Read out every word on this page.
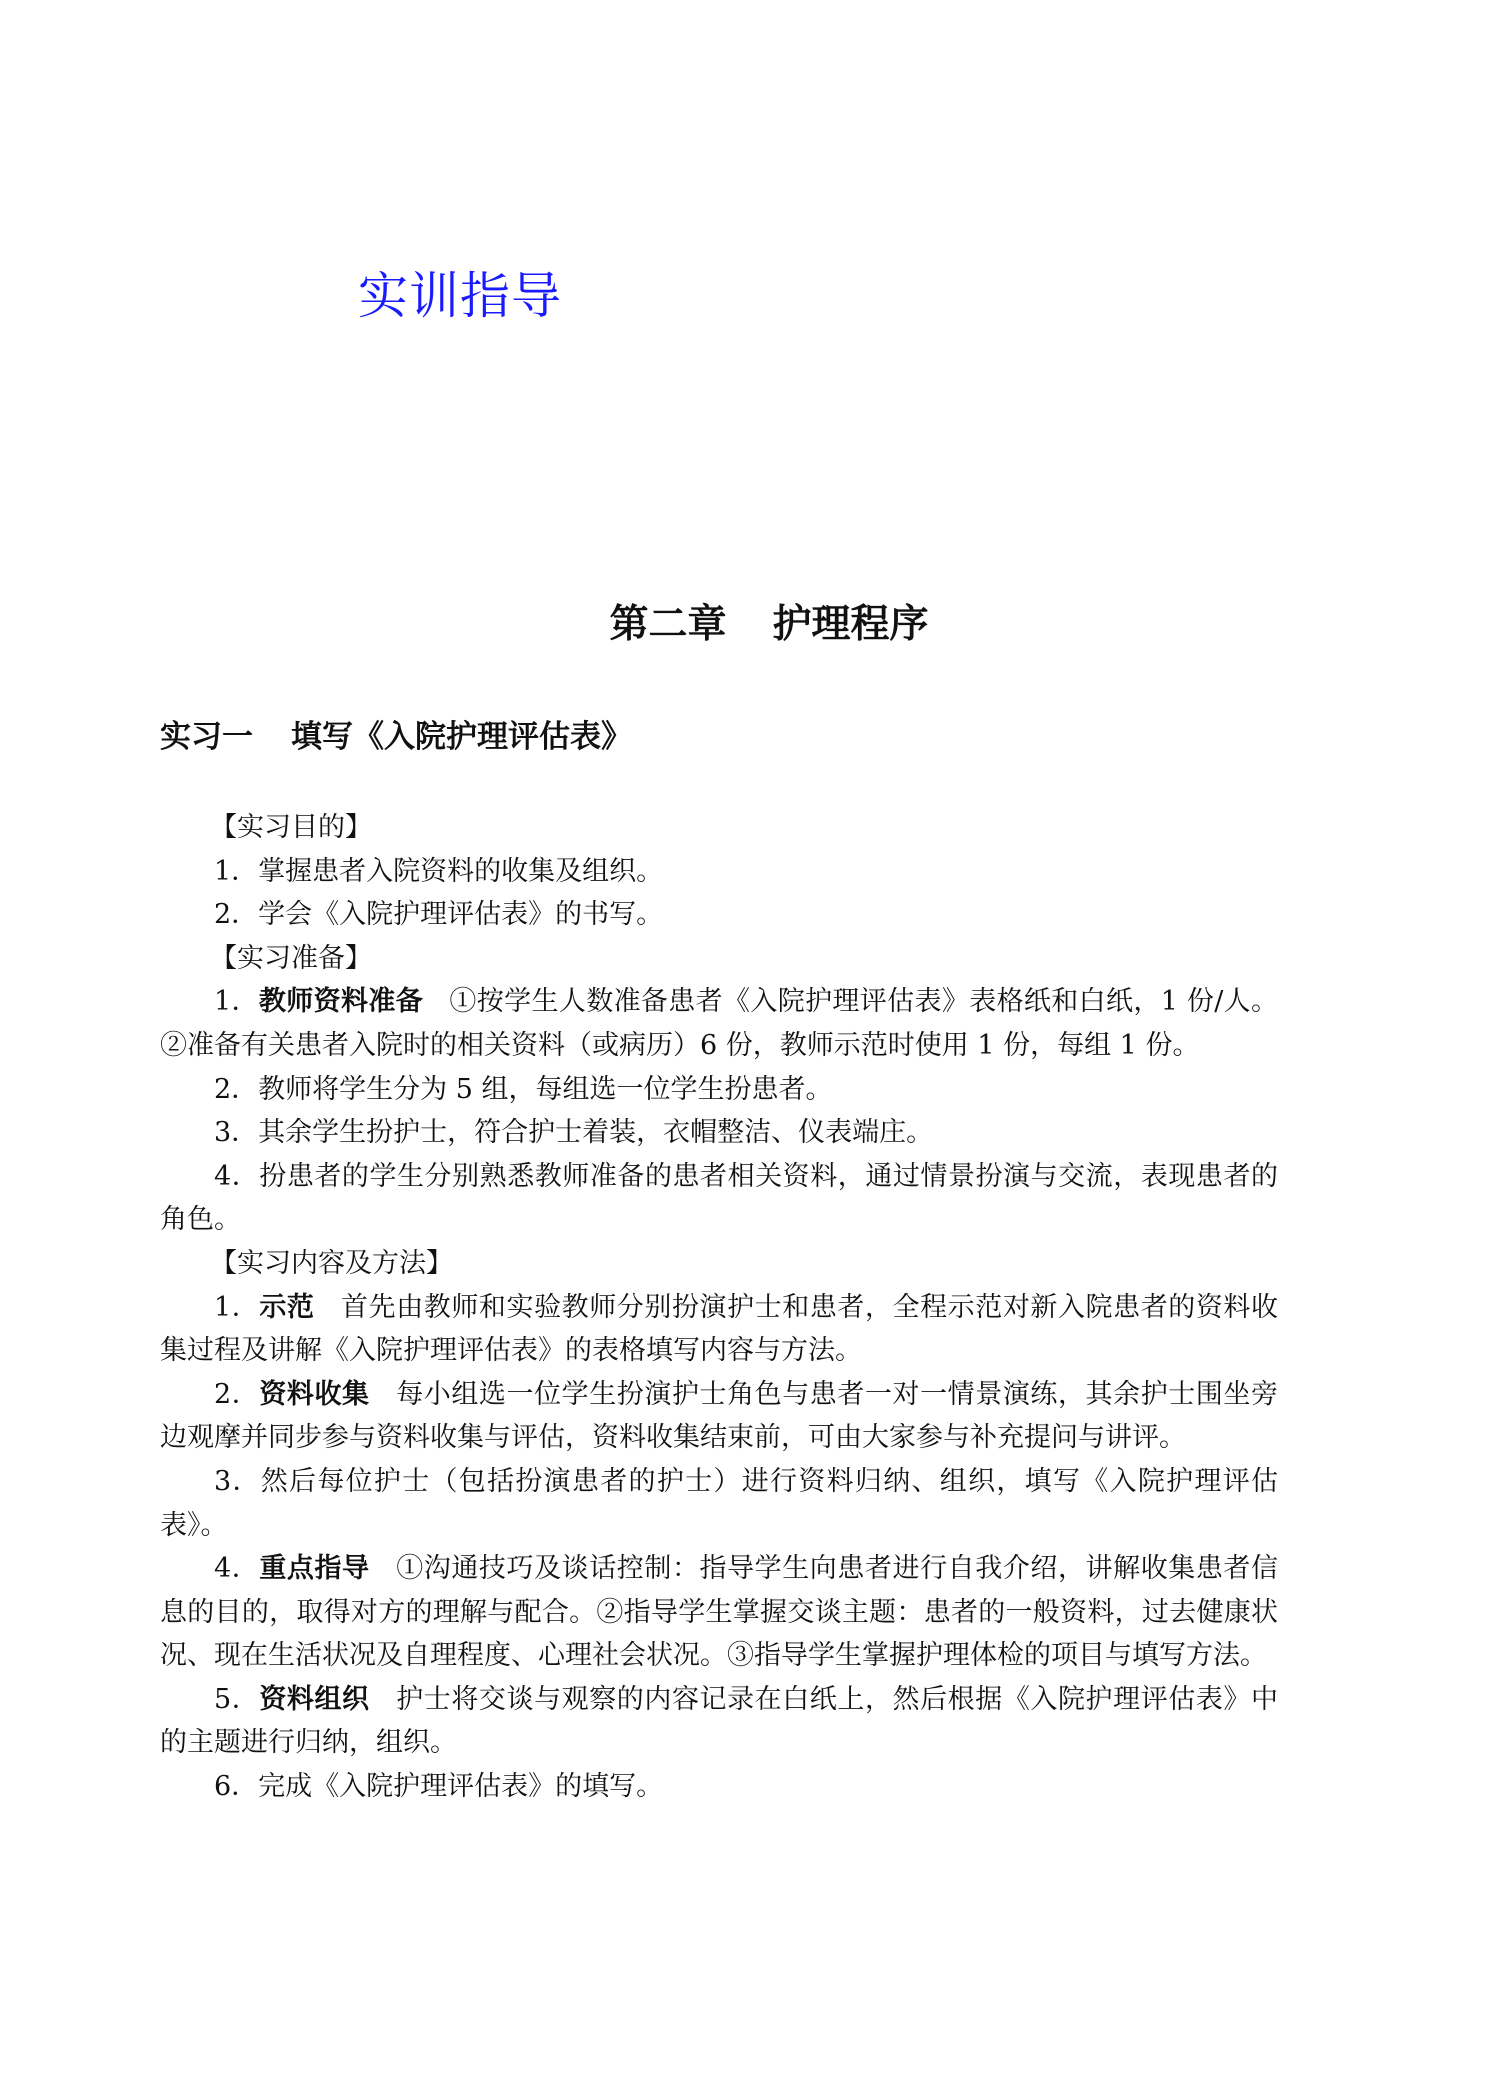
实训指导
第二章 护理程序
实习一 填写《入院护理评估表》

【实习目的】

1．掌握患者入院资料的收集及组织。

2．学会《入院护理评估表》的书写。

【实习准备】

1．教师资料准备 ①按学生人数准备患者《入院护理评估表》表格纸和白纸，1 份/人。②准备有关患者入院时的相关资料（或病历）6 份，教师示范时使用 1 份，每组 1 份。

2．教师将学生分为 5 组，每组选一位学生扮患者。

3．其余学生扮护士，符合护士着装，衣帽整洁、仪表端庄。

4．扮患者的学生分别熟悉教师准备的患者相关资料，通过情景扮演与交流，表现患者的角色。

【实习内容及方法】

1．示范 首先由教师和实验教师分别扮演护士和患者，全程示范对新入院患者的资料收集过程及讲解《入院护理评估表》的表格填写内容与方法。

2．资料收集 每小组选一位学生扮演护士角色与患者一对一情景演练，其余护士围坐旁边观摩并同步参与资料收集与评估，资料收集结束前，可由大家参与补充提问与讲评。

3．然后每位护士（包括扮演患者的护士）进行资料归纳、组织，填写《入院护理评估表》。

4．重点指导 ①沟通技巧及谈话控制：指导学生向患者进行自我介绍，讲解收集患者信息的目的，取得对方的理解与配合。②指导学生掌握交谈主题：患者的一般资料，过去健康状况、现在生活状况及自理程度、心理社会状况。③指导学生掌握护理体检的项目与填写方法。

5．资料组织 护士将交谈与观察的内容记录在白纸上，然后根据《入院护理评估表》中的主题进行归纳，组织。

6．完成《入院护理评估表》的填写。
